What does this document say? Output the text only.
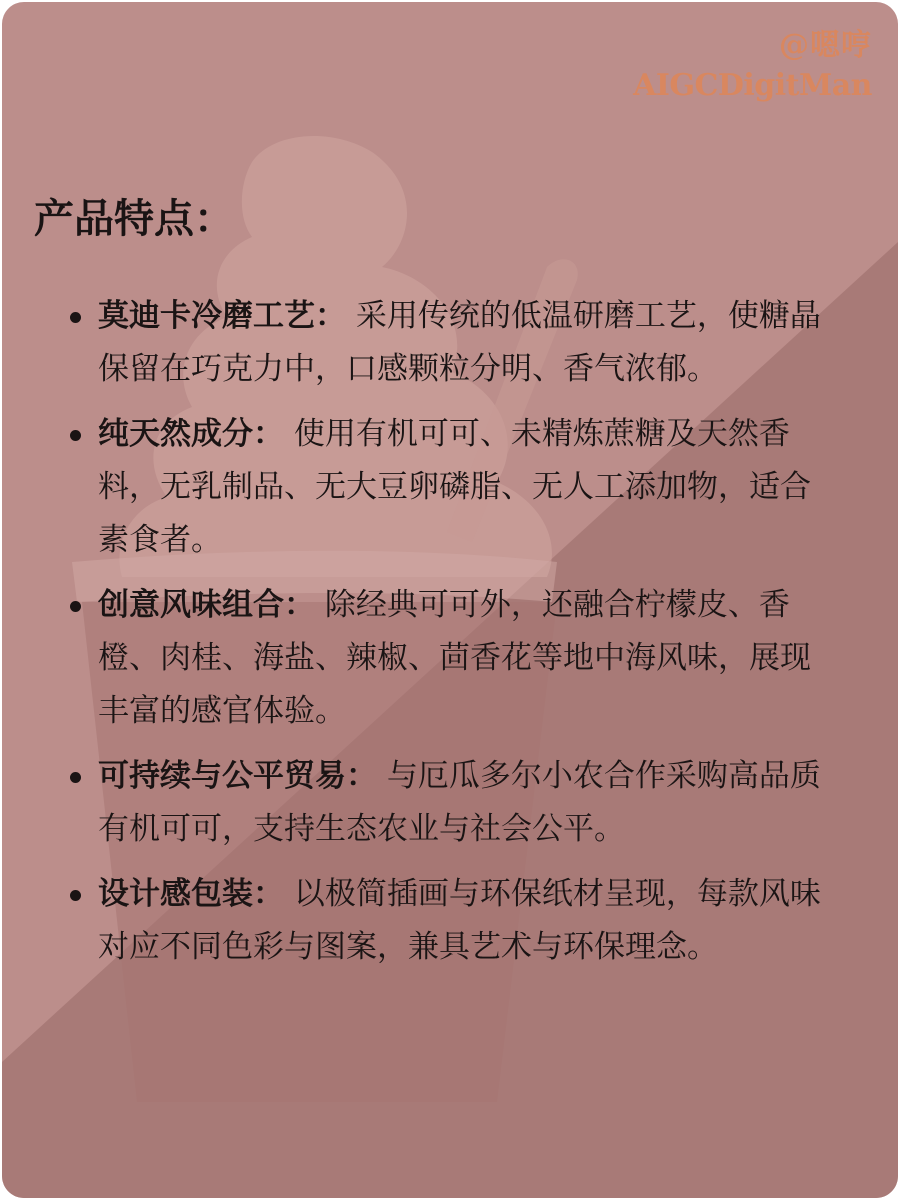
@嗯哼
AIGCDigitMan
产品特点：
莫迪卡冷磨工艺： 采用传统的低温研磨工艺，使糖晶保留在巧克力中，口感颗粒分明、香气浓郁。
纯天然成分： 使用有机可可、未精炼蔗糖及天然香料，无乳制品、无大豆卵磷脂、无人工添加物，适合素食者。
创意风味组合： 除经典可可外，还融合柠檬皮、香橙、肉桂、海盐、辣椒、茴香花等地中海风味，展现丰富的感官体验。
可持续与公平贸易： 与厄瓜多尔小农合作采购高品质有机可可，支持生态农业与社会公平。
设计感包装： 以极简插画与环保纸材呈现，每款风味对应不同色彩与图案，兼具艺术与环保理念。
